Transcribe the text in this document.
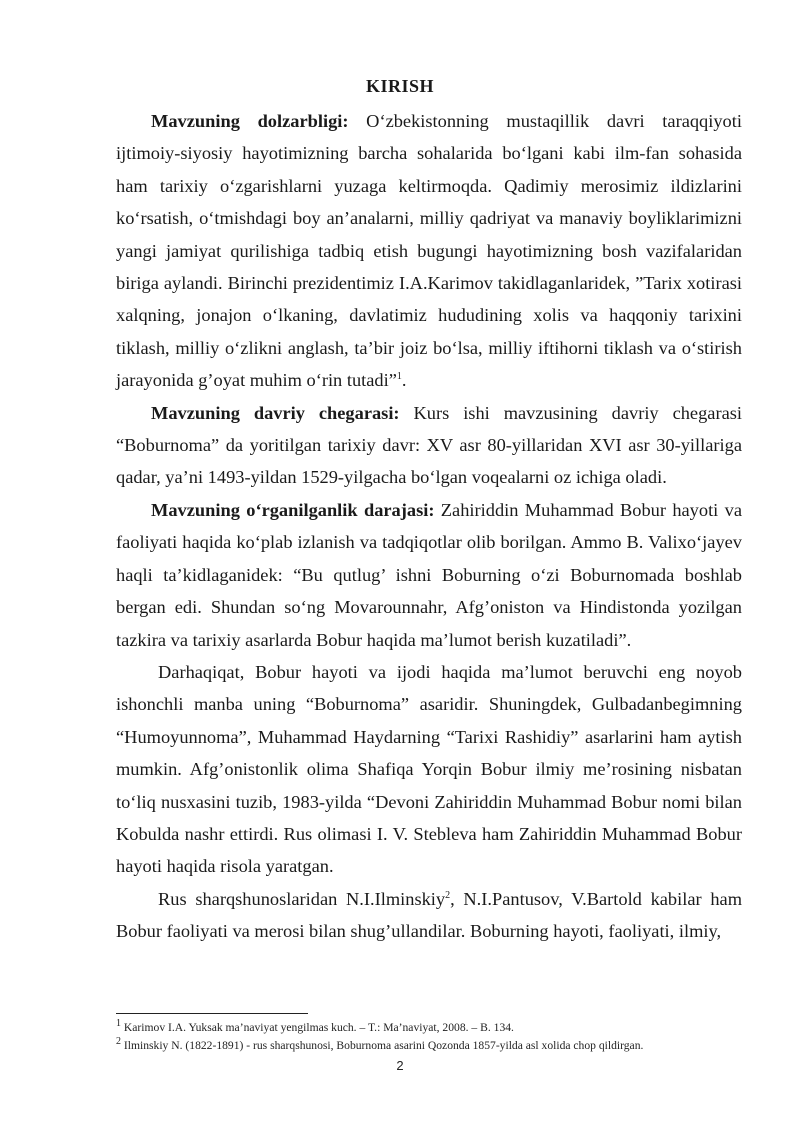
KIRISH

Mavzuning dolzarbligi: O‘zbekistonning mustaqillik davri taraqqiyoti ijtimoiy-siyosiy hayotimizning barcha sohalarida bo‘lgani kabi ilm-fan sohasida ham tarixiy o‘zgarishlarni yuzaga keltirmoqda. Qadimiy merosimiz ildizlarini ko‘rsatish, o‘tmishdagi boy an’analarni, milliy qadriyat va manaviy boyliklarimizni yangi jamiyat qurilishiga tadbiq etish bugungi hayotimizning bosh vazifalaridan biriga aylandi. Birinchi prezidentimiz I.A.Karimov takidlaganlaridek, ”Tarix xotirasi xalqning, jonajon o‘lkaning, davlatimiz hududining xolis va haqqoniy tarixini tiklash, milliy o‘zlikni anglash, ta’bir joiz bo‘lsa, milliy iftihorni tiklash va o‘stirish jarayonida g’oyat muhim o‘rin tutadi”$^1$.

Mavzuning davriy chegarasi: Kurs ishi mavzusining davriy chegarasi “Boburnoma” da yoritilgan tarixiy davr: XV asr 80-yillaridan XVI asr 30-yillariga qadar, ya’ni 1493-yildan 1529-yilgacha bo‘lgan voqealarni oz ichiga oladi.

Mavzuning o‘rganilganlik darajasi: Zahiriddin Muhammad Bobur hayoti va faoliyati haqida ko‘plab izlanish va tadqiqotlar olib borilgan. Ammo B. Valixo‘jayev haqli ta’kidlaganidek: “Bu qutlug’ ishni Boburning o‘zi Boburnomada boshlab bergan edi. Shundan so‘ng Movarounnahr, Afg’oniston va Hindistonda yozilgan tazkira va tarixiy asarlarda Bobur haqida ma’lumot berish kuzatiladi”.

Darhaqiqat, Bobur hayoti va ijodi haqida ma’lumot beruvchi eng noyob ishonchli manba uning “Boburnoma” asaridir. Shuningdek, Gulbadanbegimning “Humoyunnoma”, Muhammad Haydarning “Tarixi Rashidiy” asarlarini ham aytish mumkin. Afg’onistonlik olima Shafiqa Yorqin Bobur ilmiy me’rosining nisbatan to‘liq nusxasini tuzib, 1983-yilda “Devoni Zahiriddin Muhammad Bobur nomi bilan Kobulda nashr ettirdi. Rus olimasi I. V. Stebleva ham Zahiriddin Muhammad Bobur hayoti haqida risola yaratgan.

Rus sharqshunoslaridan N.I.Ilminskiy$^2$, N.I.Pantusov, V.Bartold kabilar ham Bobur faoliyati va merosi bilan shug’ullandilar. Boburning hayoti, faoliyati, ilmiy,

$^1$ Karimov I.A. Yuksak ma’naviyat yengilmas kuch. – T.: Ma’naviyat, 2008. – B. 134.
$^2$ Ilminskiy N. (1822-1891) - rus sharqshunosi, Boburnoma asarini Qozonda 1857-yilda asl xolida chop qildirgan.
2
